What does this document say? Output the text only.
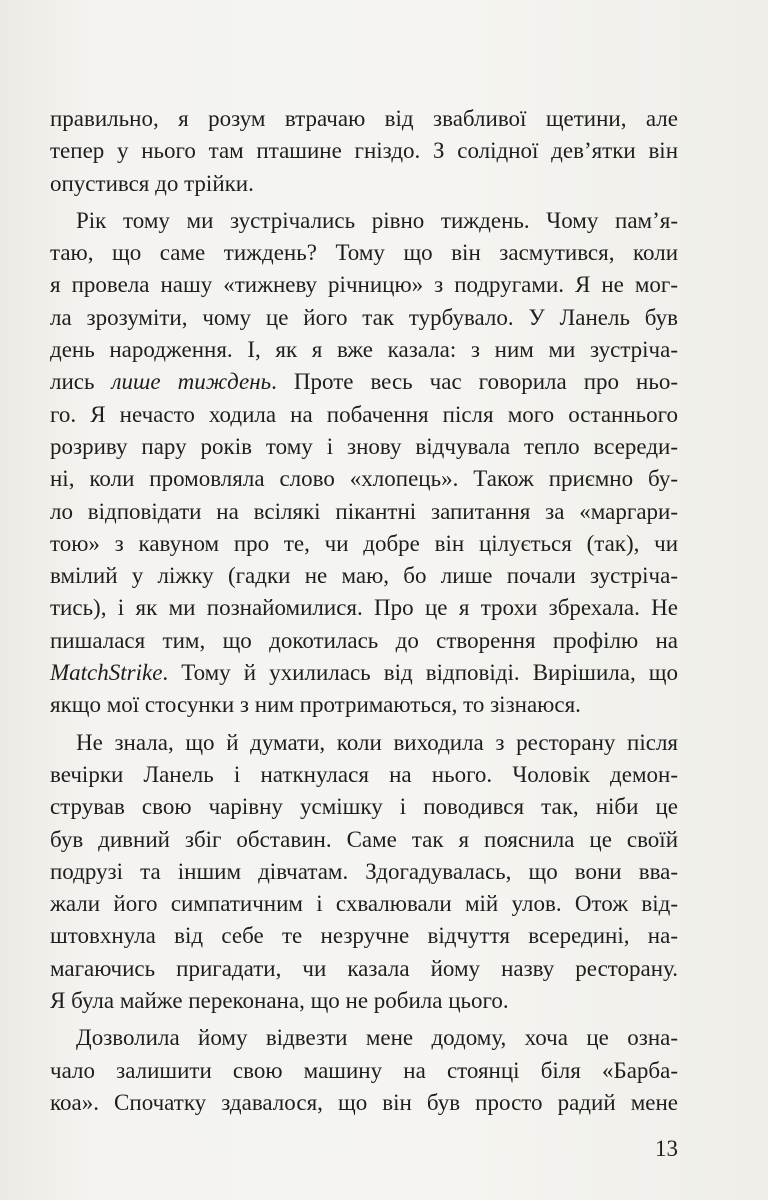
правильно, я розум втрачаю від звабливої щетини, але
тепер у нього там пташине гніздо. З солідної дев’ятки він
опустився до трійки.
Рік тому ми зустрічались рівно тиждень. Чому пам’я-
таю, що саме тиждень? Тому що він засмутився, коли
я провела нашу «тижневу річницю» з подругами. Я не мог-
ла зрозуміти, чому це його так турбувало. У Ланель був
день народження. І, як я вже казала: з ним ми зустріча-
лись лише тиждень. Проте весь час говорила про ньо-
го. Я нечасто ходила на побачення після мого останнього
розриву пару років тому і знову відчувала тепло всереди-
ні, коли промовляла слово «хлопець». Також приємно бу-
ло відповідати на всілякі пікантні запитання за «маргари-
тою» з кавуном про те, чи добре він цілується (так), чи
вмілий у ліжку (гадки не маю, бо лише почали зустріча-
тись), і як ми познайомилися. Про це я трохи збрехала. Не
пишалася тим, що докотилась до створення профілю на
MatchStrike. Тому й ухилилась від відповіді. Вирішила, що
якщо мої стосунки з ним протримаються, то зізнаюся.
Не знала, що й думати, коли виходила з ресторану після
вечірки Ланель і наткнулася на нього. Чоловік демон-
стрував свою чарівну усмішку і поводився так, ніби це
був дивний збіг обставин. Саме так я пояснила це своїй
подрузі та іншим дівчатам. Здогадувалась, що вони вва-
жали його симпатичним і схвалювали мій улов. Отож від-
штовхнула від себе те незручне відчуття всередині, на-
магаючись пригадати, чи казала йому назву ресторану.
Я була майже переконана, що не робила цього.
Дозволила йому відвезти мене додому, хоча це озна-
чало залишити свою машину на стоянці біля «Барба-
коа». Спочатку здавалося, що він був просто радий мене
13
